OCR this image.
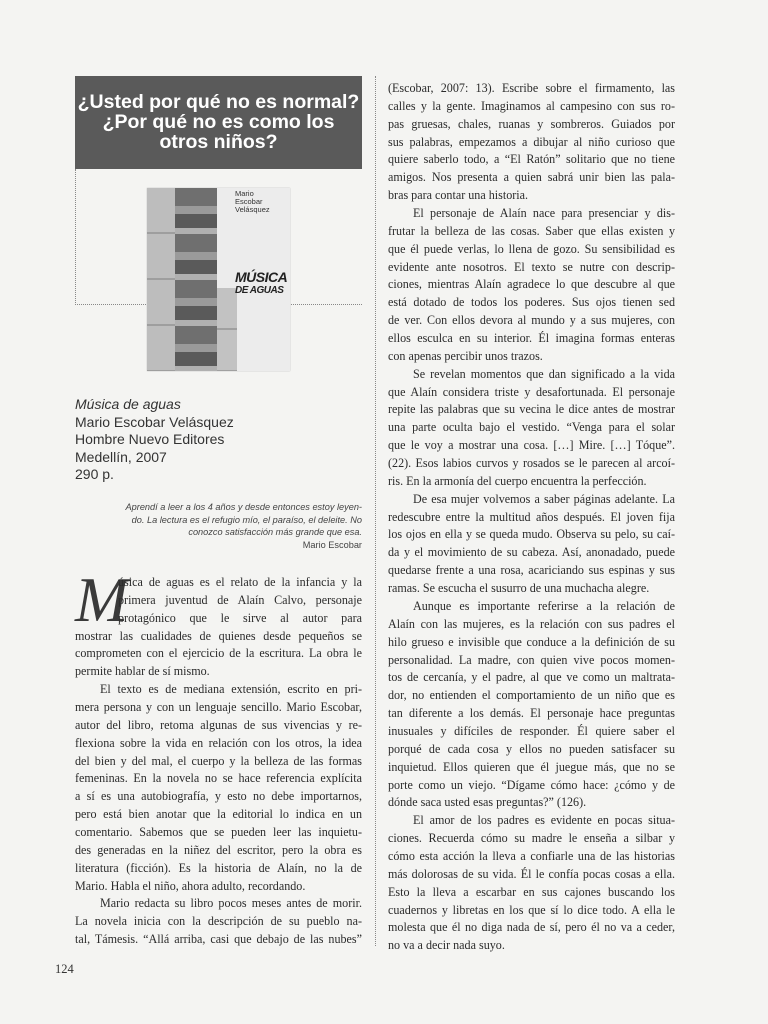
¿Usted por qué no es normal?
¿Por qué no es como los
otros niños?
Mario
Escobar
Velásquez
MÚSICA
DE AGUAS
Música de aguas
Mario Escobar Velásquez
Hombre Nuevo Editores
Medellín, 2007
290 p.
Aprendí a leer a los 4 años y desde entonces estoy leyen-
do. La lectura es el refugio mío, el paraíso, el deleite. No
conozco satisfacción más grande que esa.
Mario Escobar
M
úsica de aguas es el relato de la infancia y la
primera juventud de Alaín Calvo, personaje
protagónico que le sirve al autor para
mostrar las cualidades de quienes desde pequeños se
comprometen con el ejercicio de la escritura. La obra le
permite hablar de sí mismo.
El texto es de mediana extensión, escrito en pri-
mera persona y con un lenguaje sencillo. Mario Escobar,
autor del libro, retoma algunas de sus vivencias y re-
flexiona sobre la vida en relación con los otros, la idea
del bien y del mal, el cuerpo y la belleza de las formas
femeninas. En la novela no se hace referencia explícita
a sí es una autobiografía, y esto no debe importarnos,
pero está bien anotar que la editorial lo indica en un
comentario. Sabemos que se pueden leer las inquietu-
des generadas en la niñez del escritor, pero la obra es
literatura (ficción). Es la historia de Alaín, no la de
Mario. Habla el niño, ahora adulto, recordando.
Mario redacta su libro pocos meses antes de morir.
La novela inicia con la descripción de su pueblo na-
tal, Támesis. “Allá arriba, casi que debajo de las nubes”
(Escobar, 2007: 13). Escribe sobre el firmamento, las
calles y la gente. Imaginamos al campesino con sus ro-
pas gruesas, chales, ruanas y sombreros. Guiados por
sus palabras, empezamos a dibujar al niño curioso que
quiere saberlo todo, a “El Ratón” solitario que no tiene
amigos. Nos presenta a quien sabrá unir bien las pala-
bras para contar una historia.
El personaje de Alaín nace para presenciar y dis-
frutar la belleza de las cosas. Saber que ellas existen y
que él puede verlas, lo llena de gozo. Su sensibilidad es
evidente ante nosotros. El texto se nutre con descrip-
ciones, mientras Alaín agradece lo que descubre al que
está dotado de todos los poderes. Sus ojos tienen sed
de ver. Con ellos devora al mundo y a sus mujeres, con
ellos esculca en su interior. Él imagina formas enteras
con apenas percibir unos trazos.
Se revelan momentos que dan significado a la vida
que Alaín considera triste y desafortunada. El personaje
repite las palabras que su vecina le dice antes de mostrar
una parte oculta bajo el vestido. “Venga para el solar
que le voy a mostrar una cosa. […] Mire. […] Tóque”.
(22). Esos labios curvos y rosados se le parecen al arcoí-
ris. En la armonía del cuerpo encuentra la perfección.
De esa mujer volvemos a saber páginas adelante. La
redescubre entre la multitud años después. El joven fija
los ojos en ella y se queda mudo. Observa su pelo, su caí-
da y el movimiento de su cabeza. Así, anonadado, puede
quedarse frente a una rosa, acariciando sus espinas y sus
ramas. Se escucha el susurro de una muchacha alegre.
Aunque es importante referirse a la relación de
Alaín con las mujeres, es la relación con sus padres el
hilo grueso e invisible que conduce a la definición de su
personalidad. La madre, con quien vive pocos momen-
tos de cercanía, y el padre, al que ve como un maltrata-
dor, no entienden el comportamiento de un niño que es
tan diferente a los demás. El personaje hace preguntas
inusuales y difíciles de responder. Él quiere saber el
porqué de cada cosa y ellos no pueden satisfacer su
inquietud. Ellos quieren que él juegue más, que no se
porte como un viejo. “Dígame cómo hace: ¿cómo y de
dónde saca usted esas preguntas?” (126).
El amor de los padres es evidente en pocas situa-
ciones. Recuerda cómo su madre le enseña a silbar y
cómo esta acción la lleva a confiarle una de las historias
más dolorosas de su vida. Él le confía pocas cosas a ella.
Esto la lleva a escarbar en sus cajones buscando los
cuadernos y libretas en los que sí lo dice todo. A ella le
molesta que él no diga nada de sí, pero él no va a ceder,
no va a decir nada suyo.
124
